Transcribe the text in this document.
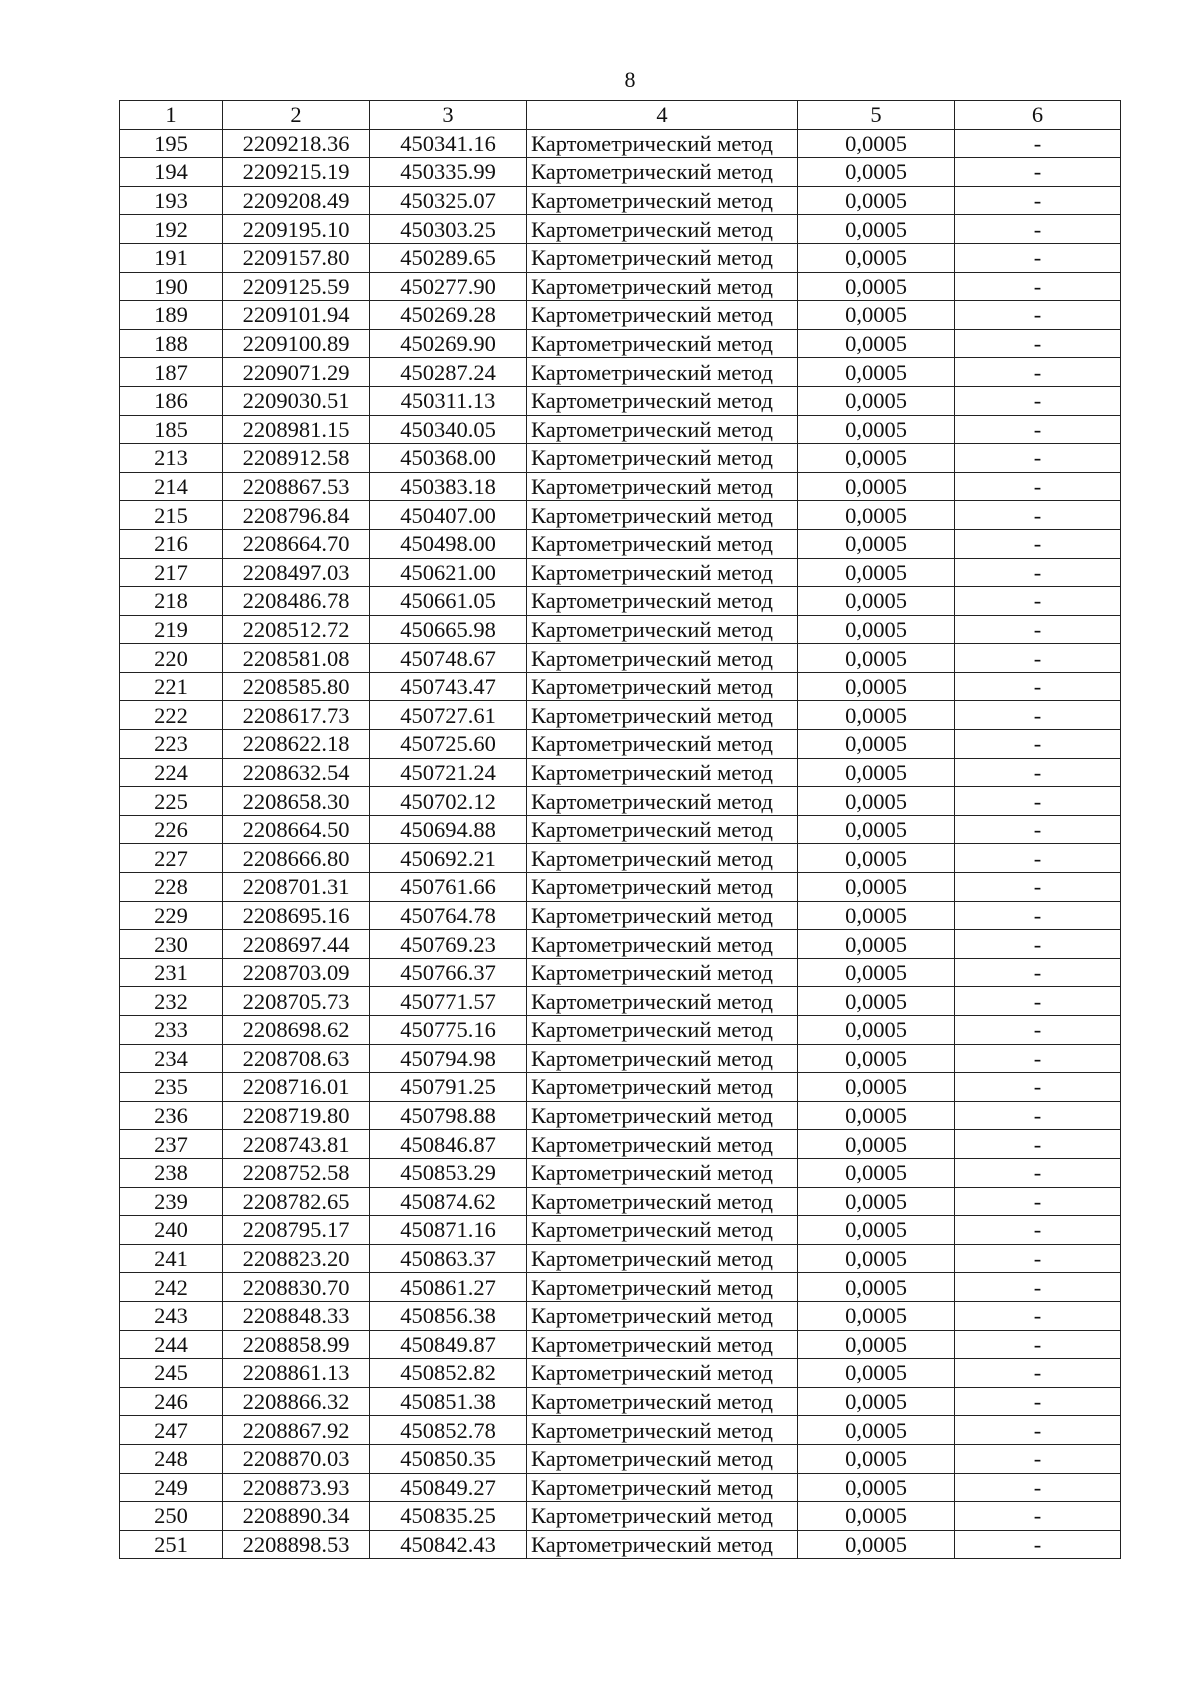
8
1	2	3	4	5	6
195	2209218.36	450341.16	Картометрический метод	0,0005	-
194	2209215.19	450335.99	Картометрический метод	0,0005	-
193	2209208.49	450325.07	Картометрический метод	0,0005	-
192	2209195.10	450303.25	Картометрический метод	0,0005	-
191	2209157.80	450289.65	Картометрический метод	0,0005	-
190	2209125.59	450277.90	Картометрический метод	0,0005	-
189	2209101.94	450269.28	Картометрический метод	0,0005	-
188	2209100.89	450269.90	Картометрический метод	0,0005	-
187	2209071.29	450287.24	Картометрический метод	0,0005	-
186	2209030.51	450311.13	Картометрический метод	0,0005	-
185	2208981.15	450340.05	Картометрический метод	0,0005	-
213	2208912.58	450368.00	Картометрический метод	0,0005	-
214	2208867.53	450383.18	Картометрический метод	0,0005	-
215	2208796.84	450407.00	Картометрический метод	0,0005	-
216	2208664.70	450498.00	Картометрический метод	0,0005	-
217	2208497.03	450621.00	Картометрический метод	0,0005	-
218	2208486.78	450661.05	Картометрический метод	0,0005	-
219	2208512.72	450665.98	Картометрический метод	0,0005	-
220	2208581.08	450748.67	Картометрический метод	0,0005	-
221	2208585.80	450743.47	Картометрический метод	0,0005	-
222	2208617.73	450727.61	Картометрический метод	0,0005	-
223	2208622.18	450725.60	Картометрический метод	0,0005	-
224	2208632.54	450721.24	Картометрический метод	0,0005	-
225	2208658.30	450702.12	Картометрический метод	0,0005	-
226	2208664.50	450694.88	Картометрический метод	0,0005	-
227	2208666.80	450692.21	Картометрический метод	0,0005	-
228	2208701.31	450761.66	Картометрический метод	0,0005	-
229	2208695.16	450764.78	Картометрический метод	0,0005	-
230	2208697.44	450769.23	Картометрический метод	0,0005	-
231	2208703.09	450766.37	Картометрический метод	0,0005	-
232	2208705.73	450771.57	Картометрический метод	0,0005	-
233	2208698.62	450775.16	Картометрический метод	0,0005	-
234	2208708.63	450794.98	Картометрический метод	0,0005	-
235	2208716.01	450791.25	Картометрический метод	0,0005	-
236	2208719.80	450798.88	Картометрический метод	0,0005	-
237	2208743.81	450846.87	Картометрический метод	0,0005	-
238	2208752.58	450853.29	Картометрический метод	0,0005	-
239	2208782.65	450874.62	Картометрический метод	0,0005	-
240	2208795.17	450871.16	Картометрический метод	0,0005	-
241	2208823.20	450863.37	Картометрический метод	0,0005	-
242	2208830.70	450861.27	Картометрический метод	0,0005	-
243	2208848.33	450856.38	Картометрический метод	0,0005	-
244	2208858.99	450849.87	Картометрический метод	0,0005	-
245	2208861.13	450852.82	Картометрический метод	0,0005	-
246	2208866.32	450851.38	Картометрический метод	0,0005	-
247	2208867.92	450852.78	Картометрический метод	0,0005	-
248	2208870.03	450850.35	Картометрический метод	0,0005	-
249	2208873.93	450849.27	Картометрический метод	0,0005	-
250	2208890.34	450835.25	Картометрический метод	0,0005	-
251	2208898.53	450842.43	Картометрический метод	0,0005	-
